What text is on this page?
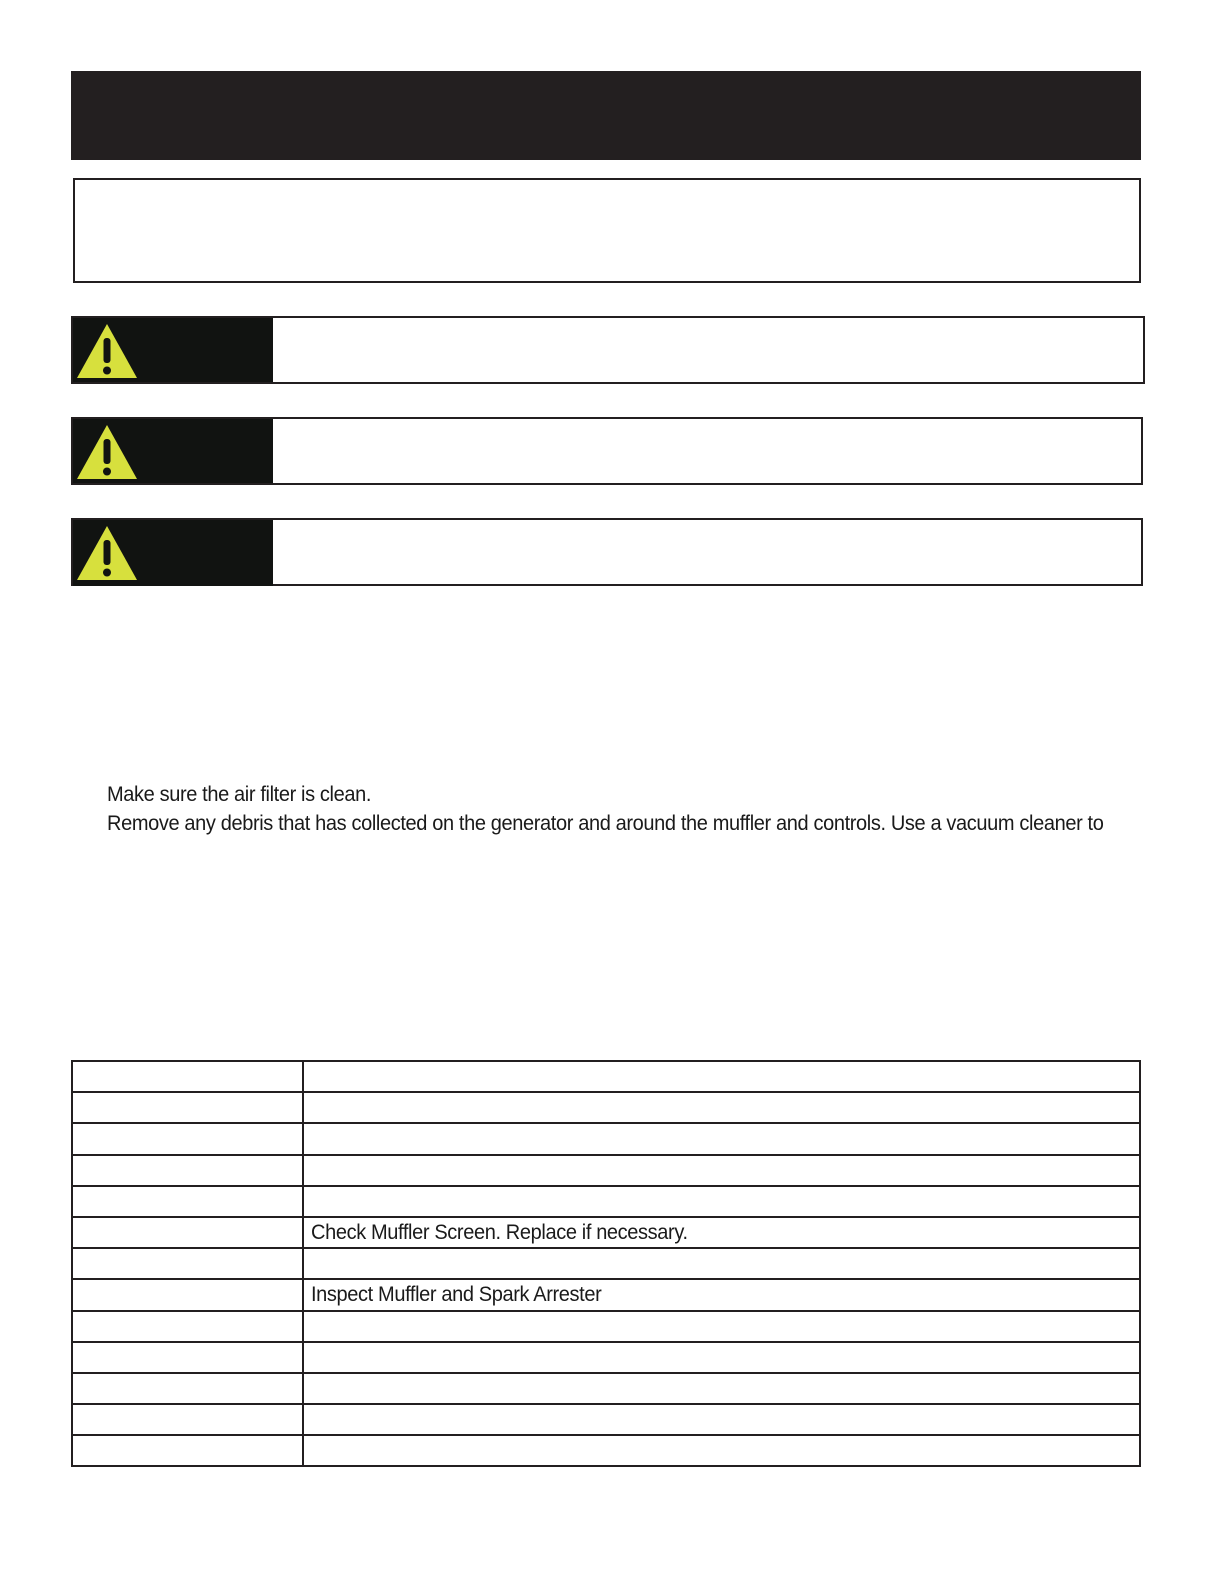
Make sure the air filter is clean.

Remove any debris that has collected on the generator and around the muffler and controls. Use a vacuum cleaner to

	Check Muffler Screen. Replace if necessary.

	Inspect Muffler and Spark Arrester
